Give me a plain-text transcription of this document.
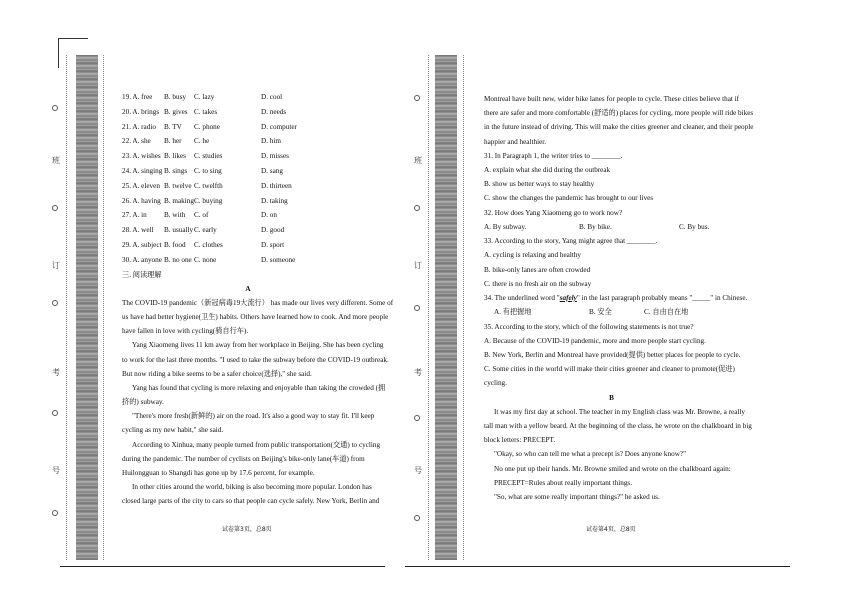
班
订
考
号
班
订
考
号
19. A. free	B. busy	C. lazy	D. cool
20. A. brings B. gives C. takes	D. needs
21. A. radio	B. TV	C. phone	D. computer
22. A. she	B. her	C. he	D. him
23. A. wishes B. likes	C. studies	D. misses
24. A. singing B. sings C. to sing	D. sang
25. A. eleven B. twelve C. twelfth	D. thirteen
26. A. having B. making C. buying	D. taking
27. A. in	B. with	C. of	D. on
28. A. well	B. usually C. early	D. good
29. A. subject B. food	C. clothes	D. sport
30. A. anyone B. no one C. none	D. someone
三. 阅读理解
A
The COVID-19 pandemic（新冠病毒19大流行） has made our lives very different. Some of
us have had better hygiene(卫生) habits. Others have learned how to cook. And more people
have fallen in love with cycling(骑自行车).
Yang Xiaomeng lives 11 km away from her workplace in Beijing. She has been cycling
to work for the last three months. "I used to take the subway before the COVID-19 outbreak.
But now riding a bike seems to be a safer choice(选择)," she said.
Yang has found that cycling is more relaxing and enjoyable than taking the crowded (拥
挤的) subway.
"There's more fresh(新鲜的) air on the road. It's also a good way to stay fit. I'll keep
cycling as my new habit," she said.
According to Xinhua, many people turned from public transportation(交通) to cycling
during the pandemic. The number of cyclists on Beijing's bike-only lane(车道) from
Huilongguan to Shangdi has gone up by 17.6 percent, for example.
In other cities around the world, biking is also becoming more popular. London has
closed large parts of the city to cars so that people can cycle safely. New York, Berlin and
试卷第3页，总8页
Montreal have built new, wider bike lanes for people to cycle. These cities believe that if
there are safer and more comfortable (舒适的) places for cycling, more people will ride bikes
in the future instead of driving. This will make the cities greener and cleaner, and their people
happier and healthier.
31. In Paragraph 1, the writer tries to ________.
A. explain what she did during the outbreak
B. show us better ways to stay healthy
C. show the changes the pandemic has brought to our lives
32. How does Yang Xiaomeng go to work now?
A. By subway.	B. By bike.	C. By bus.
33. According to the story, Yang might agree that ________.
A. cycling is relaxing and healthy
B. bike-only lanes are often crowded
C. there is no fresh air on the subway
34. The underlined word "safely" in the last paragraph probably means "_____" in Chinese.
A. 有把握地	B. 安全	C. 自由自在地
35. According to the story, which of the following statements is not true?
A. Because of the COVID-19 pandemic, more and more people start cycling.
B. New York, Berlin and Montreal have provided(提供) better places for people to cycle.
C. Some cities in the world will make their cities greener and cleaner to promote(促进)
cycling.
B
It was my first day at school. The teacher in my English class was Mr. Browne, a really
tall man with a yellow beard. At the beginning of the class, he wrote on the chalkboard in big
block letters: PRECEPT.
"Okay, so who can tell me what a precept is? Does anyone know?"
No one put up their hands. Mr. Browne smiled and wrote on the chalkboard again:
PRECEPT=Rules about really important things.
"So, what are some really important things?" he asked us.
试卷第4页，总8页
